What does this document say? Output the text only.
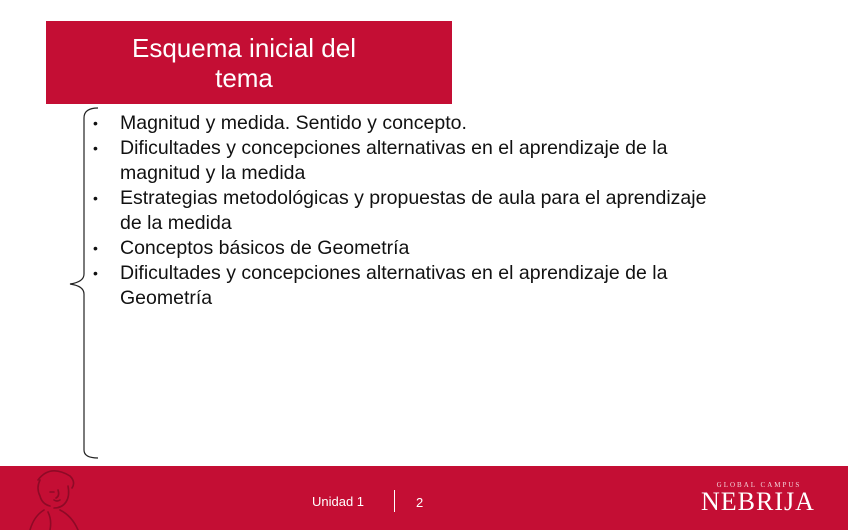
Esquema inicial del tema
• Magnitud y medida. Sentido y concepto.
• Dificultades y concepciones alternativas en el aprendizaje de la magnitud y la medida
• Estrategias metodológicas y propuestas de aula para el aprendizaje de la medida
• Conceptos básicos de Geometría
• Dificultades y concepciones alternativas en el aprendizaje de la Geometría
Unidad 1	2
GLOBAL CAMPUS
NEBRIJA
